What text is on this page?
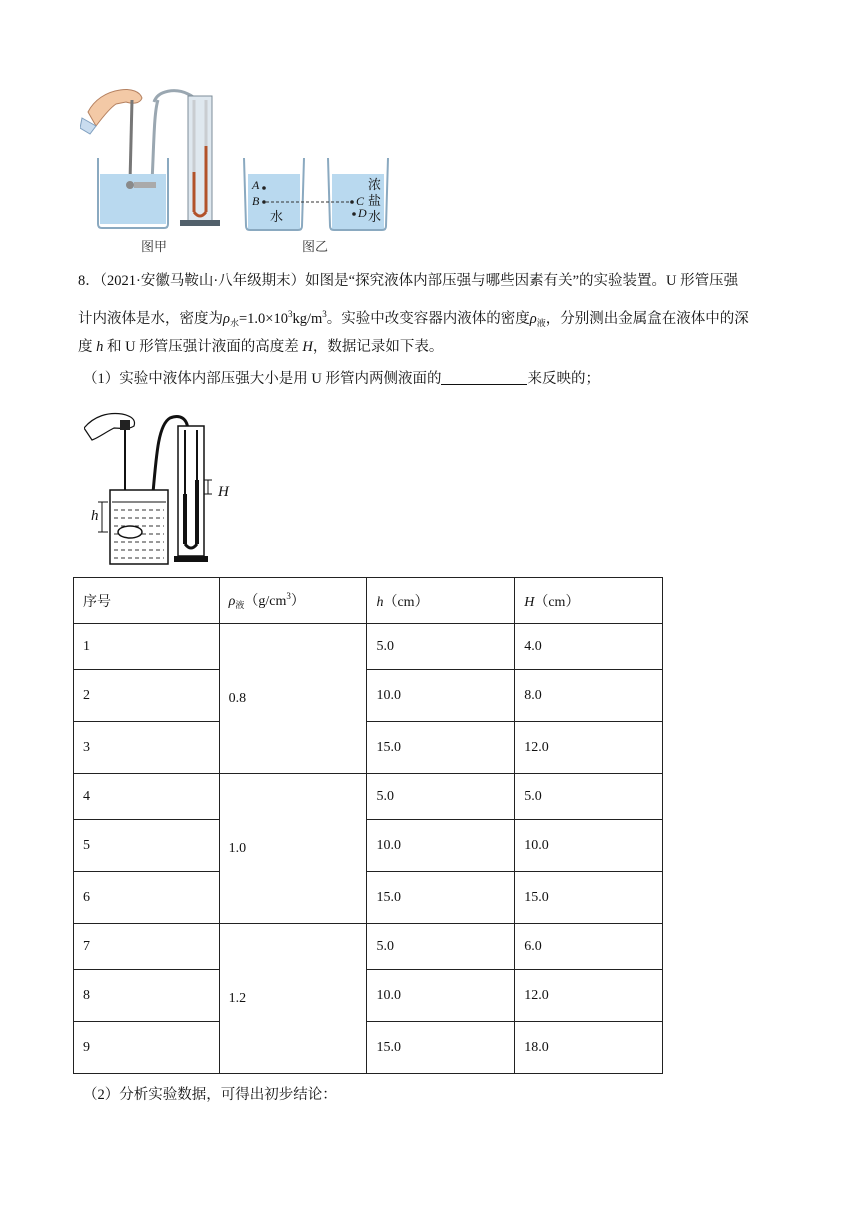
A
B	C
D
水
浓
盐
水
图甲	图乙
8．（2021·安徽马鞍山·八年级期末）如图是“探究液体内部压强与哪些因素有关”的实验装置。U 形管压强
计内液体是水，密度为$\rho_水=1.0\times 10^3kg/m^3$。实验中改变容器内液体的密度$\rho_液$，分别测出金属盒在液体中的深
度 h 和 U 形管压强计液面的高度差 H，数据记录如下表。
（1）实验中液体内部压强大小是用 U 形管内两侧液面的	来反映的；
H
h
序号	$\rho_液(g/cm^3)$	h（cm）	H（cm）
1	0.8	5.0	4.0
2		10.0	8.0
3		15.0	12.0
4	1.0	5.0	5.0
5		10.0	10.0
6		15.0	15.0
7	1.2	5.0	6.0
8		10.0	12.0
9		15.0	18.0
（2）分析实验数据，可得出初步结论：
